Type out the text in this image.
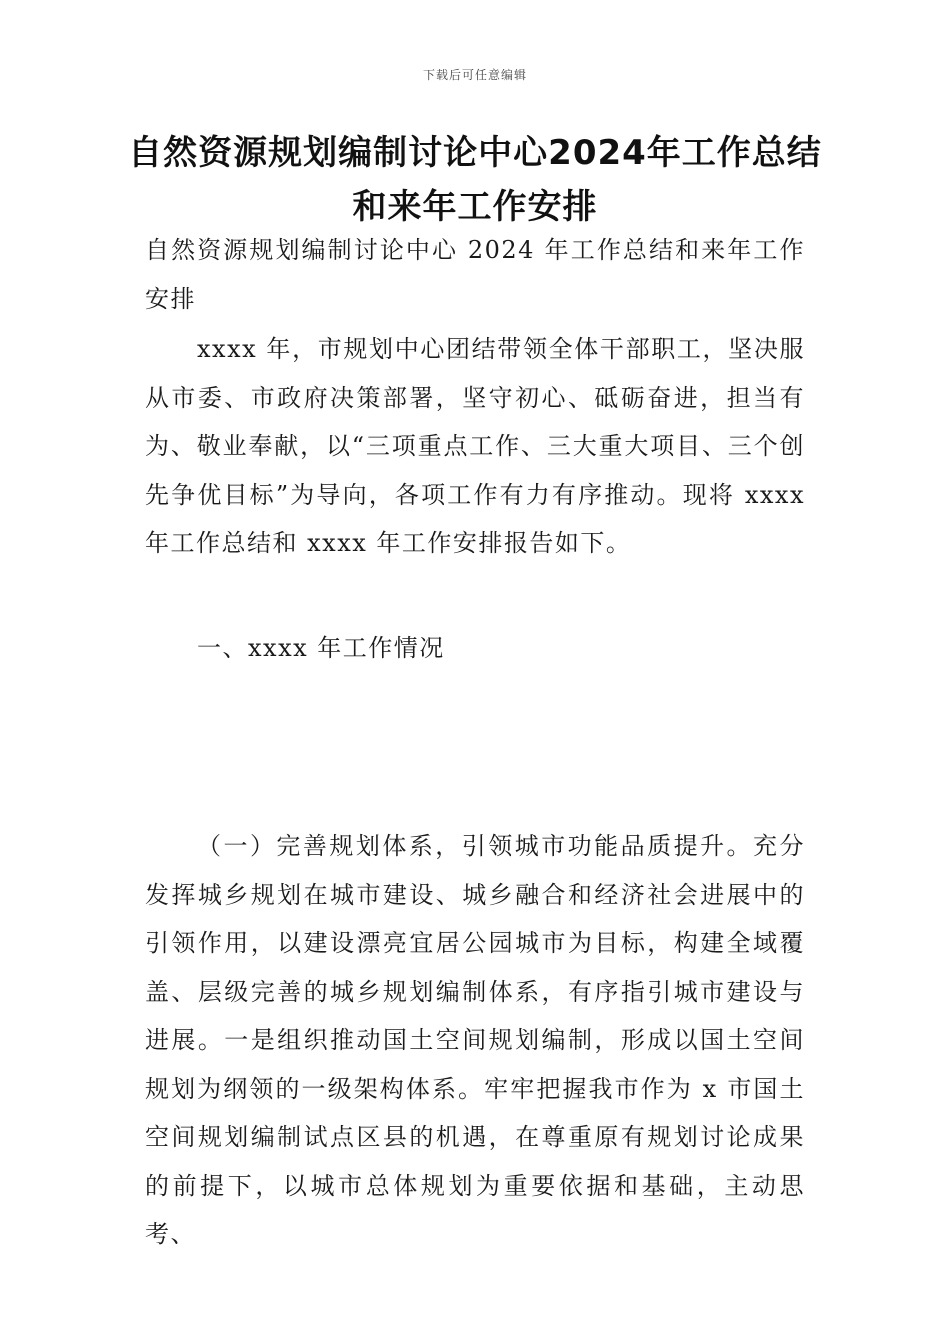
下载后可任意编辑
自然资源规划编制讨论中心2024年工作总结和来年工作安排
自然资源规划编制讨论中心 2024 年工作总结和来年工作安排
xxxx 年，市规划中心团结带领全体干部职工，坚决服从市委、市政府决策部署，坚守初心、砥砺奋进，担当有为、敬业奉献，以“三项重点工作、三大重大项目、三个创先争优目标”为导向，各项工作有力有序推动。现将 xxxx 年工作总结和 xxxx 年工作安排报告如下。
一、xxxx 年工作情况
（一）完善规划体系，引领城市功能品质提升。充分发挥城乡规划在城市建设、城乡融合和经济社会进展中的引领作用，以建设漂亮宜居公园城市为目标，构建全域覆盖、层级完善的城乡规划编制体系，有序指引城市建设与进展。一是组织推动国土空间规划编制，形成以国土空间规划为纲领的一级架构体系。牢牢把握我市作为 x 市国土空间规划编制试点区县的机遇，在尊重原有规划讨论成果的前提下，以城市总体规划为重要依据和基础，主动思考、
